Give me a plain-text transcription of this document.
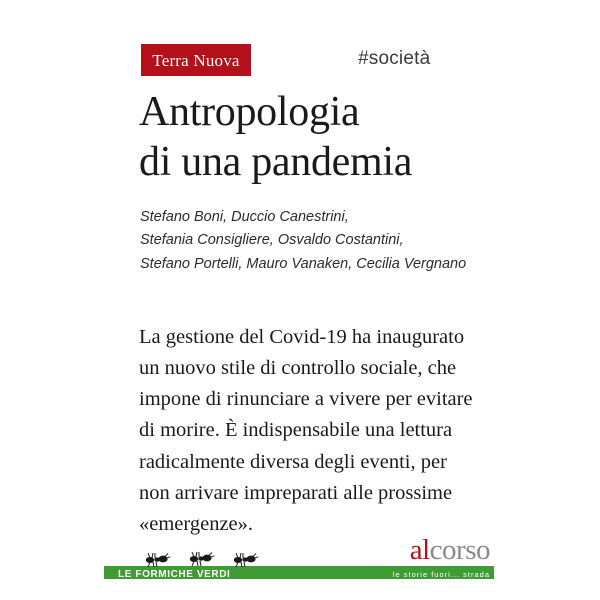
Terra Nuova	#società
Antropologia
di una pandemia
Stefano Boni, Duccio Canestrini,
Stefania Consigliere, Osvaldo Costantini,
Stefano Portelli, Mauro Vanaken, Cecilia Vergnano
La gestione del Covid-19 ha inaugurato un nuovo stile di controllo sociale, che impone di rinunciare a vivere per evitare di morire. È indispensabile una lettura radicalmente diversa degli eventi, per non arrivare impreparati alle prossime «emergenze».
LE FORMICHE VERDI
alcorso
le storie fuori... strada
